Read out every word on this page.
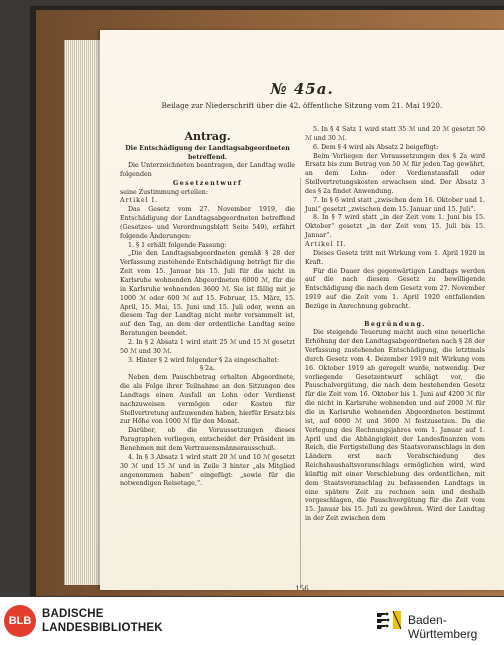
№ 45a.
Beilage zur Niederschrift über die 42. öffentliche Sitzung vom 21. Mai 1920.
Antrag.

Die Entschädigung der Landtagsabgeordneten betreffend.

Die Unterzeichneten beantragen, der Landtag wolle folgenden

Gesetzentwurf

seine Zustimmung erteilen:

Artikel I.

Das Gesetz vom 27. November 1919, die Entschädigung der Landtagsabgeordneten betreffend (Gesetzes- und Verordnungsblatt Seite 549), erfährt folgende Änderungen:

1. § 1 erhält folgende Fassung:

„Die den Landtagsabgeordneten gemäß § 28 der Verfassung zustehende Entschädigung beträgt für die Zeit vom 15. Januar bis 15. Juli für die nicht in Karlsruhe wohnenden Abgeordneten 6000 ℳ, für die in Karlsruhe wohnenden 3600 ℳ. Sie ist fällig mit je 1000 ℳ oder 600 ℳ auf 15. Februar, 15. März, 15. April, 15. Mai, 15. Juni und 15. Juli oder, wenn an diesem Tag der Landtag nicht mehr versammelt ist, auf den Tag, an dem der ordentliche Landtag seine Beratungen beendet.

2. In § 2 Absatz 1 wird statt 25 ℳ und 15 ℳ gesetzt 50 ℳ und 30 ℳ.

3. Hinter § 2 wird folgender § 2a eingeschaltet:

§ 2a.

Neben dem Pauschbetrag erhalten Abgeordnete, die als Folge ihrer Teilnahme an den Sitzungen des Landtags einen Ausfall an Lohn oder Verdienst nachzuweisen vermögen oder Kosten für Stellvertretung aufzuwenden haben, hierfür Ersatz bis zur Höhe von 1000 ℳ für den Monat.

Darüber, ob die Voraussetzungen dieses Paragraphen vorliegen, entscheidet der Präsident im Benehmen mit dem Vertrauensmännerausschuß.

4. In § 3 Absatz 1 wird statt 20 ℳ und 10 ℳ gesetzt 30 ℳ und 15 ℳ und in Zeile 3 hinter „als Mitglied angenommen haben“ eingefügt: „sowie für die notwendigen Reisetage,“.

5. In § 4 Satz 1 wird statt 35 ℳ und 20 ℳ gesetzt 50 ℳ und 30 ℳ.

6. Dem § 4 wird als Absatz 2 beigefügt:

Beim Vorliegen der Voraussetzungen des § 2a wird Ersatz bis zum Betrag von 50 ℳ für jeden Tag gewährt, an dem Lohn- oder Verdienstausfall oder Stellvertretungskosten erwachsen sind. Der Absatz 3 des § 2a findet Anwendung.

7. In § 6 wird statt „zwischen dem 16. Oktober und 1. Juni“ gesetzt „zwischen dem 15. Januar und 15. Juli“.

8. In § 7 wird statt „in der Zeit vom 1. Juni bis 15. Oktober“ gesetzt „in der Zeit vom 15. Juli bis 15. Januar“.

Artikel II.

Dieses Gesetz tritt mit Wirkung vom 1. April 1920 in Kraft.

Für die Dauer des gegenwärtigen Landtags werden auf die nach diesem Gesetz zu bewilligende Entschädigung die nach dem Gesetz vom 27. November 1919 auf die Zeit vom 1. April 1920 entfallenden Bezüge in Anrechnung gebracht.

Begründung.

Die steigende Teuerung macht auch eine neuerliche Erhöhung der den Landtagsabgeordneten nach § 28 der Verfassung zustehenden Entschädigung, die letztmals durch Gesetz vom 4. Dezember 1919 mit Wirkung vom 16. Oktober 1919 ab geregelt wurde, notwendig. Der vorliegende Gesetzentwurf schlägt vor, die Pauschalvergütung, die nach dem bestehenden Gesetz für die Zeit vom 16. Oktober bis 1. Juni auf 4200 ℳ für die nicht in Karlsruhe wohnenden und auf 2000 ℳ für die in Karlsruhe wohnenden Abgeordneten bestimmt ist, auf 6000 ℳ und 3600 ℳ festzusetzen. Da die Verlegung des Rechnungsjahres vom 1. Januar auf 1. April und die Abhängigkeit der Landesfinanzen vom Reich, die Fertigstellung des Staatsvoranschlags in den Ländern erst nach Verabschiedung des Reichshaushaltsvoranschlags ermöglichen wird, wird künftig mit einer Verschiebung des ordentlichen, mit dem Staatsvoranschlag zu befassenden Landtags in eine spätere Zeit zu rechnen sein und deshalb vorgeschlagen, die Pauschvergütung für die Zeit vom 15. Januar bis 15. Juli zu gewähren. Wird der Landtag in der Zeit zwischen dem

156
BLB
BADISCHE
LANDESBIBLIOTHEK
Baden-Württemberg
